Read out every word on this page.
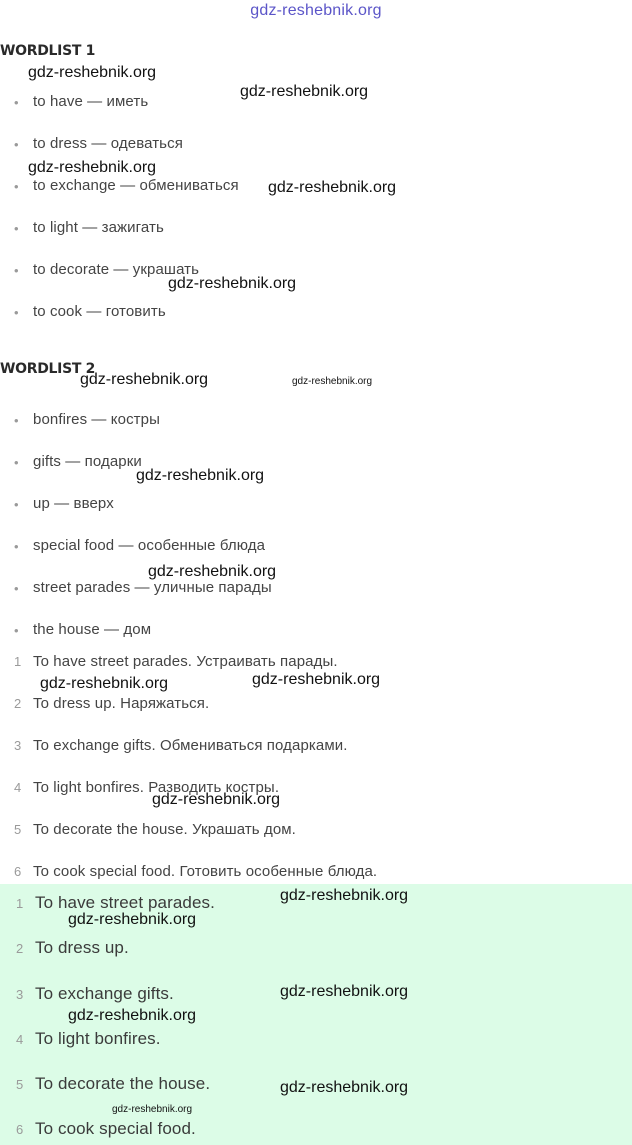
gdz-reshebnik.org
WORDLIST 1
• to have — иметь
• to dress — одеваться
• to exchange — обмениваться
• to light — зажигать
• to decorate — украшать
• to cook — готовить
WORDLIST 2
• bonfires — костры
• gifts — подарки
• up — вверх
• special food — особенные блюда
• street parades — уличные парады
• the house — дом
1 To have street parades. Устраивать парады.
2 To dress up. Наряжаться.
3 To exchange gifts. Обмениваться подарками.
4 To light bonfires. Разводить костры.
5 To decorate the house. Украшать дом.
6 To cook special food. Готовить особенные блюда.
1 To have street parades.
2 To dress up.
3 To exchange gifts.
4 To light bonfires.
5 To decorate the house.
6 To cook special food.
gdz-reshebnik.org
gdz-reshebnik.org
gdz-reshebnik.org
gdz-reshebnik.org
gdz-reshebnik.org
gdz-reshebnik.org	gdz-reshebnik.org
gdz-reshebnik.org
gdz-reshebnik.org
gdz-reshebnik.org	gdz-reshebnik.org
gdz-reshebnik.org
gdz-reshebnik.org
gdz-reshebnik.org
gdz-reshebnik.org
gdz-reshebnik.org
gdz-reshebnik.org
gdz-reshebnik.org
